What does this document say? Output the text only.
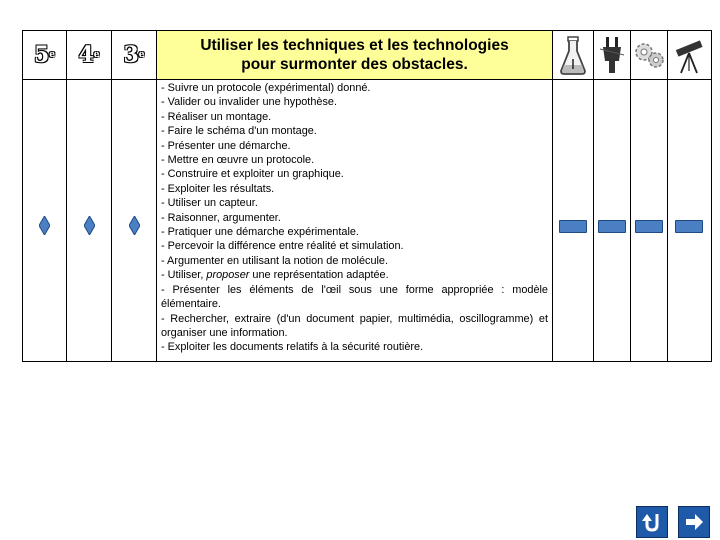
5 e 4 e 3 e
Utiliser les techniques et les technologies
pour surmonter des obstacles.
- Suivre un protocole (expérimental) donné.
- Valider ou invalider une hypothèse.
- Réaliser un montage.
- Faire le schéma d'un montage.
- Présenter une démarche.
- Mettre en œuvre un protocole.
- Construire et exploiter un graphique.
- Exploiter les résultats.
- Utiliser un capteur.
- Raisonner, argumenter.
- Pratiquer une démarche expérimentale.
- Percevoir la différence entre réalité et simulation.
- Argumenter en utilisant la notion de molécule.
- Utiliser, proposer une représentation adaptée.
- Présenter les éléments de l'œil sous une forme appropriée : modèle élémentaire.
- Rechercher, extraire (d'un document papier, multimédia, oscillogramme) et organiser une information.
- Exploiter les documents relatifs à la sécurité routière.
